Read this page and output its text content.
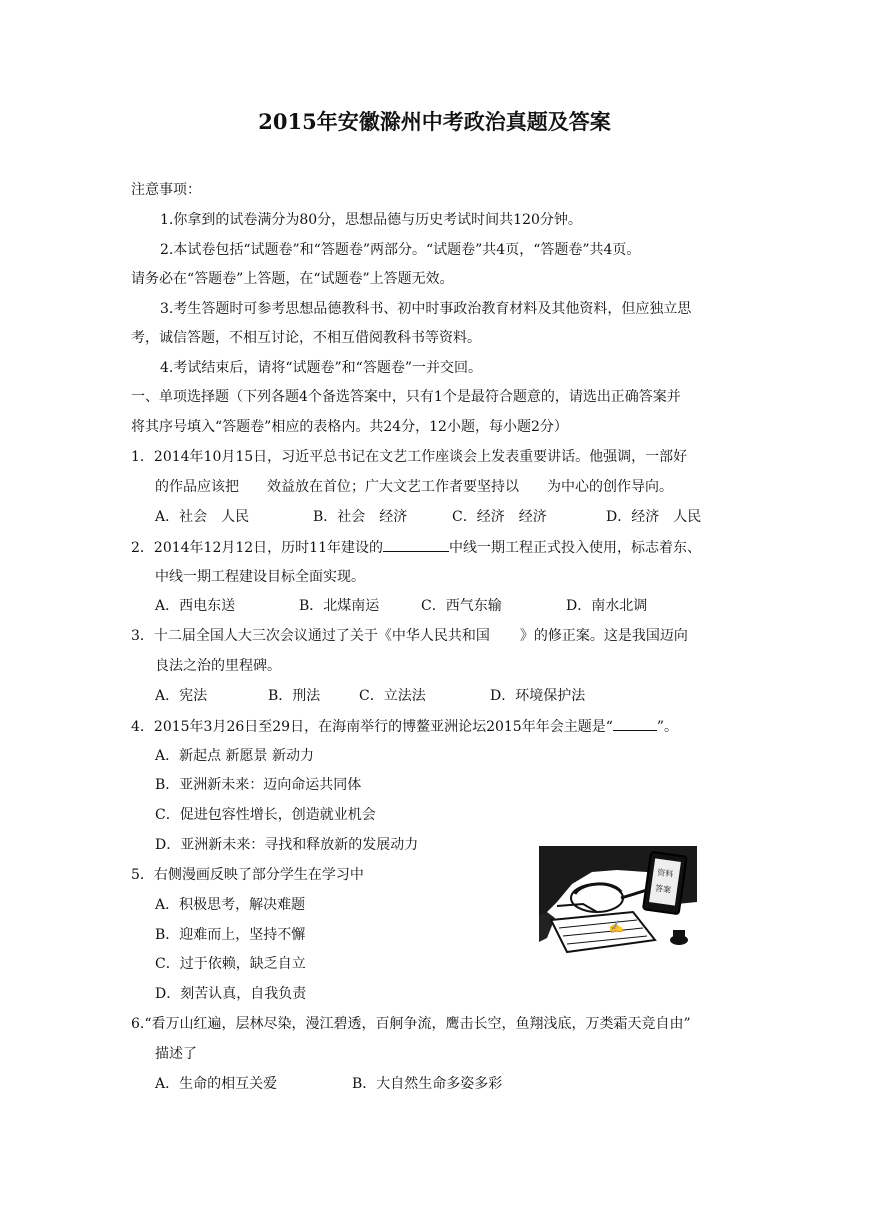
2015年安徽滁州中考政治真题及答案
注意事项：
1.你拿到的试卷满分为80分，思想品德与历史考试时间共120分钟。
2.本试卷包括“试题卷”和“答题卷”两部分。“试题卷”共4页，“答题卷”共4页。
请务必在“答题卷”上答题，在“试题卷”上答题无效。
3.考生答题时可参考思想品德教科书、初中时事政治教育材料及其他资料，但应独立思
考，诚信答题，不相互讨论，不相互借阅教科书等资料。
4.考试结束后，请将“试题卷”和“答题卷”一并交回。
一、单项选择题（下列各题4个备选答案中，只有1个是最符合题意的，请选出正确答案并
将其序号填入“答题卷”相应的表格内。共24分，12小题，每小题2分）
1．2014年10月15日，习近平总书记在文艺工作座谈会上发表重要讲话。他强调，一部好
的作品应该把 效益放在首位；广大文艺工作者要坚持以 为中心的创作导向。
A．社会　人民	B．社会　经济	C．经济　经济	D．经济　人民
2．2014年12月12日，历时11年建设的	中线一期工程正式投入使用，标志着东、
中线一期工程建设目标全面实现。
A．西电东送	B．北煤南运	C．西气东输	D．南水北调
3．十二届全国人大三次会议通过了关于《中华人民共和国 》的修正案。这是我国迈向
良法之治的里程碑。
A．宪法	B．刑法	C．立法法	D．环境保护法
4．2015年3月26日至29日，在海南举行的博鳌亚洲论坛2015年年会主题是“	”。
A．新起点 新愿景 新动力
B．亚洲新未来：迈向命运共同体
C．促进包容性增长，创造就业机会
D．亚洲新未来：寻找和释放新的发展动力
5．右侧漫画反映了部分学生在学习中
A．积极思考，解决难题
B．迎难而上，坚持不懈
C．过于依赖，缺乏自立
D．刻苦认真，自我负责
资料
答案
✍
6.“看万山红遍，层林尽染，漫江碧透，百舸争流，鹰击长空，鱼翔浅底，万类霜天竞自由”
描述了
A．生命的相互关爱	B．大自然生命多姿多彩
